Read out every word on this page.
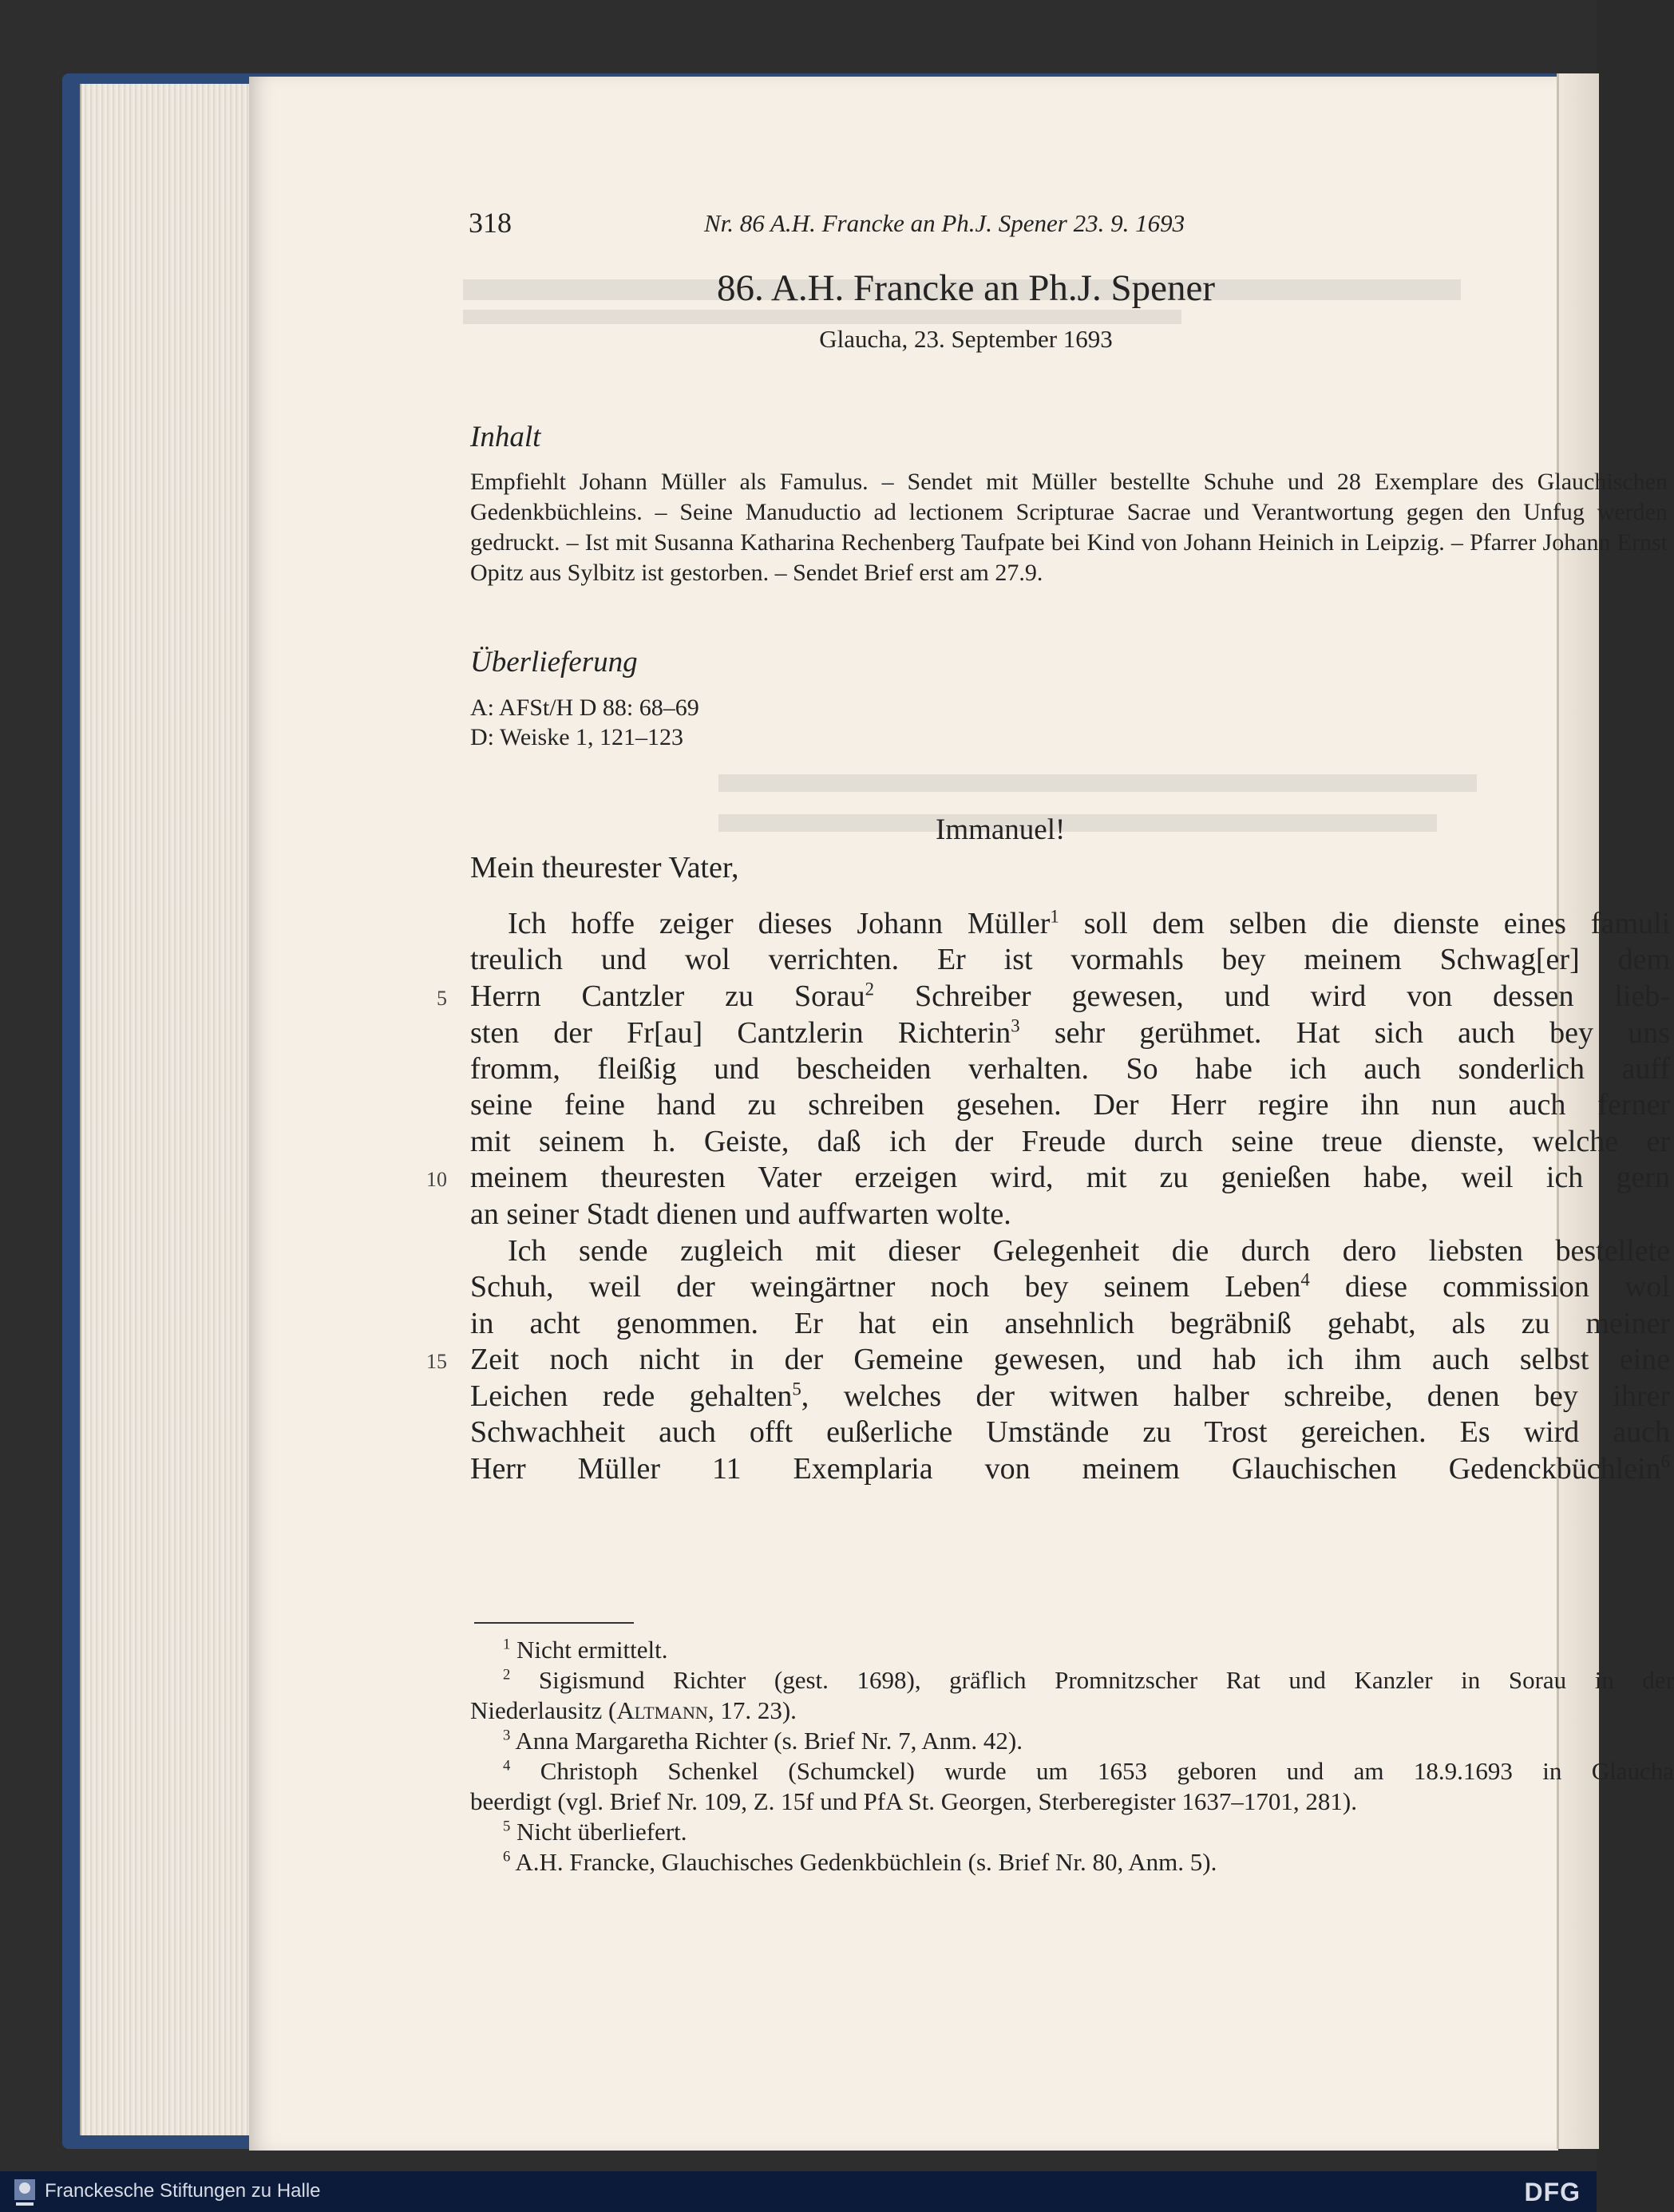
318	Nr. 86 A.H. Francke an Ph.J. Spener 23. 9. 1693
86. A.H. Francke an Ph.J. Spener
Glaucha, 23. September 1693
Inhalt
Empfiehlt Johann Müller als Famulus. – Sendet mit Müller bestellte Schuhe und 28 Exemplare des Glauchischen Gedenkbüchleins. – Seine Manuductio ad lectionem Scripturae Sacrae und Verantwortung gegen den Unfug werden gedruckt. – Ist mit Susanna Katharina Rechenberg Taufpate bei Kind von Johann Heinich in Leipzig. – Pfarrer Johann Ernst Opitz aus Sylbitz ist gestorben. – Sendet Brief erst am 27.9.
Überlieferung
A: AFSt/H D 88: 68–69
D: Weiske 1, 121–123
Immanuel!
Mein theurester Vater,
Ich hoffe zeiger dieses Johann Müller$^1$ soll dem selben die dienste eines famuli
treulich und wol verrichten. Er ist vormahls bey meinem Schwag[er] dem
Herrn Cantzler zu Sorau$^2$ Schreiber gewesen, und wird von dessen lieb-
sten der Fr[au] Cantzlerin Richterin$^3$ sehr gerühmet. Hat sich auch bey uns
fromm, fleißig und bescheiden verhalten. So habe ich auch sonderlich auff
seine feine hand zu schreiben gesehen. Der Herr regire ihn nun auch ferner
mit seinem h. Geiste, daß ich der Freude durch seine treue dienste, welche er
meinem theuresten Vater erzeigen wird, mit zu genießen habe, weil ich gern
an seiner Stadt dienen und auffwarten wolte.
Ich sende zugleich mit dieser Gelegenheit die durch dero liebsten bestellete
Schuh, weil der weingärtner noch bey seinem Leben$^4$ diese commission wol
in acht genommen. Er hat ein ansehnlich begräbniß gehabt, als zu meiner
Zeit noch nicht in der Gemeine gewesen, und hab ich ihm auch selbst eine
Leichen rede gehalten$^5$, welches der witwen halber schreibe, denen bey ihrer
Schwachheit auch offt eußerliche Umstände zu Trost gereichen. Es wird auch
Herr Müller 11 Exemplaria von meinem Glauchischen Gedenckbüchlein$^6$
5
10
15
$^1$ Nicht ermittelt.
$^2$ Sigismund Richter (gest. 1698), gräflich Promnitzscher Rat und Kanzler in Sorau in der
Niederlausitz (Altmann, 17. 23).
$^3$ Anna Margaretha Richter (s. Brief Nr. 7, Anm. 42).
$^4$ Christoph Schenkel (Schumckel) wurde um 1653 geboren und am 18.9.1693 in Glaucha
beerdigt (vgl. Brief Nr. 109, Z. 15f und PfA St. Georgen, Sterberegister 1637–1701, 281).
$^5$ Nicht überliefert.
$^6$ A.H. Francke, Glauchisches Gedenkbüchlein (s. Brief Nr. 80, Anm. 5).
Franckesche Stiftungen zu Halle	DFG
